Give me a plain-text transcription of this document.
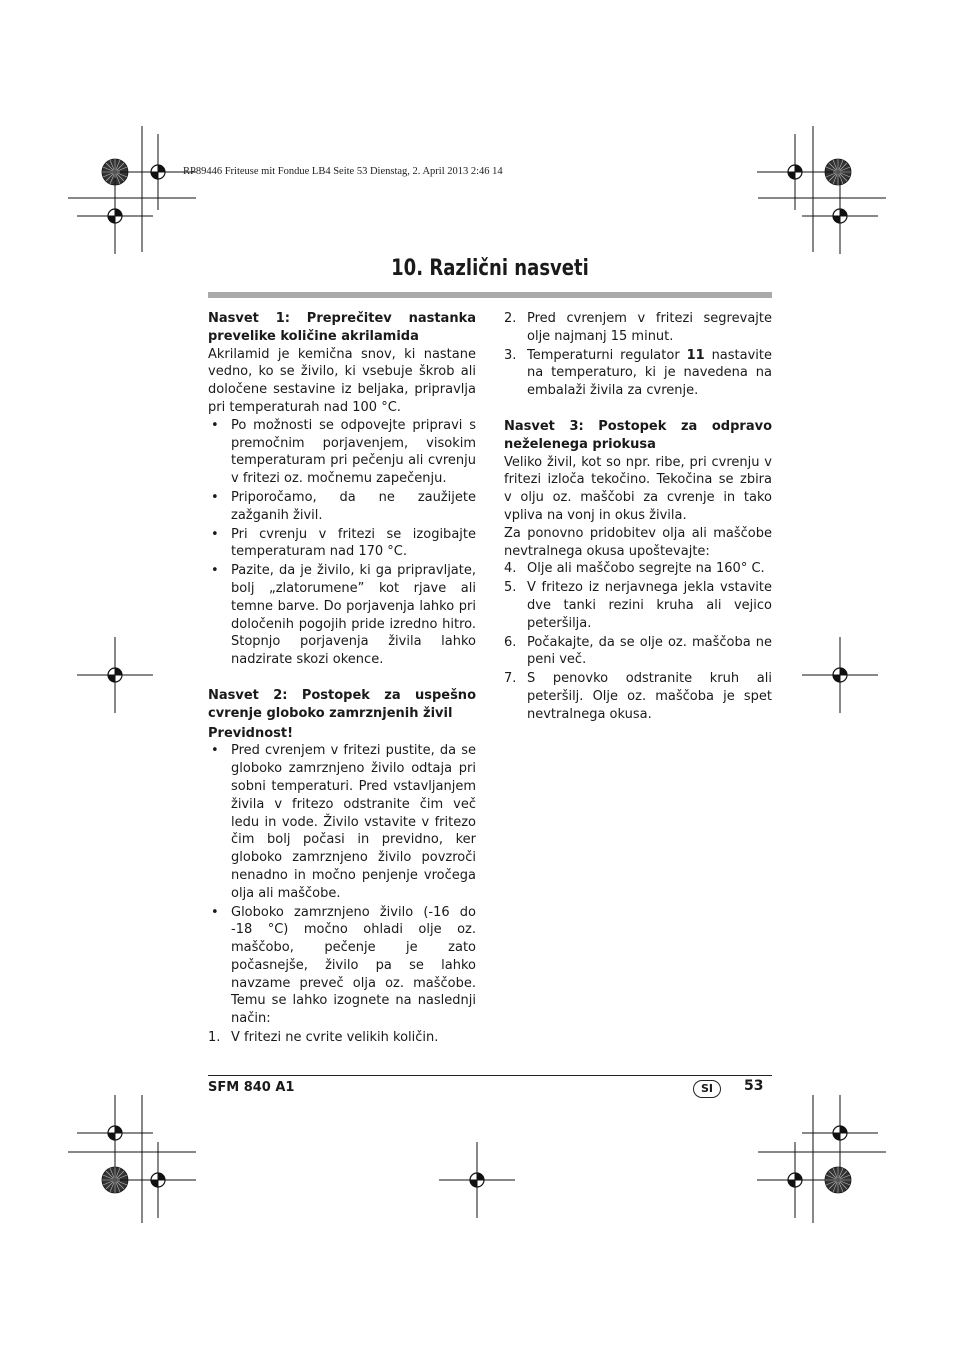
RP89446 Friteuse mit Fondue LB4 Seite 53 Dienstag, 2. April 2013 2:46 14
10. Različni nasveti

Nasvet 1: Preprečitev nastanka prevelike količine akrilamida

Akrilamid je kemična snov, ki nastane vedno, ko se živilo, ki vsebuje škrob ali določene sestavine iz beljaka, pripravlja pri temperaturah nad 100 °C.

• Po možnosti se odpovejte pripravi s premočnim porjavenjem, visokim temperaturam pri pečenju ali cvrenju v fritezi oz. močnemu zapečenju.
• Priporočamo, da ne zaužijete zažganih živil.
• Pri cvrenju v fritezi se izogibajte temperaturam nad 170 °C.
• Pazite, da je živilo, ki ga pripravljate, bolj „zlatorumene” kot rjave ali temne barve. Do porjavenja lahko pri določenih pogojih pride izredno hitro. Stopnjo porjavenja živila lahko nadzirate skozi okence.

Nasvet 2: Postopek za uspešno cvrenje globoko zamrznjenih živil

Previdnost!

• Pred cvrenjem v fritezi pustite, da se globoko zamrznjeno živilo odtaja pri sobni temperaturi. Pred vstavljanjem živila v fritezo odstranite čim več ledu in vode. Živilo vstavite v fritezo čim bolj počasi in previdno, ker globoko zamrznjeno živilo povzroči nenadno in močno penjenje vročega olja ali maščobe.
• Globoko zamrznjeno živilo (-16 do -18 °C) močno ohladi olje oz. maščobo, pečenje je zato počasnejše, živilo pa se lahko navzame preveč olja oz. maščobe. Temu se lahko izognete na naslednji način:
1. V fritezi ne cvrite velikih količin.
2. Pred cvrenjem v fritezi segrevajte olje najmanj 15 minut.
3. Temperaturni regulator 11 nastavite na temperaturo, ki je navedena na embalaži živila za cvrenje.

Nasvet 3: Postopek za odpravo neželenega priokusa

Veliko živil, kot so npr. ribe, pri cvrenju v fritezi izloča tekočino. Tekočina se zbira v olju oz. maščobi za cvrenje in tako vpliva na vonj in okus živila.

Za ponovno pridobitev olja ali maščobe nevtralnega okusa upoštevajte:

4. Olje ali maščobo segrejte na 160° C.
5. V fritezo iz nerjavnega jekla vstavite dve tanki rezini kruha ali vejico peteršilja.
6. Počakajte, da se olje oz. maščoba ne peni več.
7. S penovko odstranite kruh ali peteršilj. Olje oz. maščoba je spet nevtralnega okusa.
SFM 840 A1	SI	53
